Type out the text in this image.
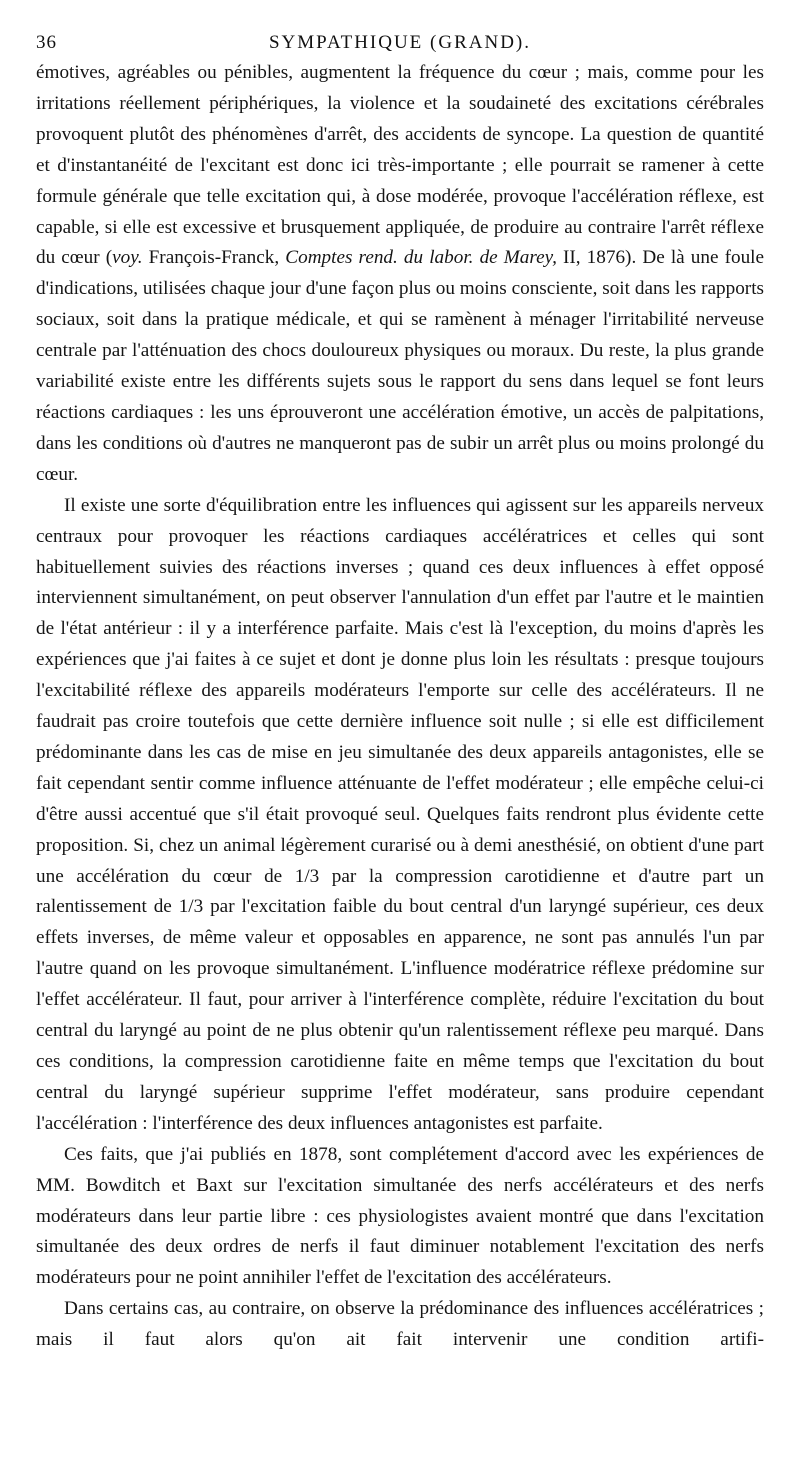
36	SYMPATHIQUE (GRAND).

émotives, agréables ou pénibles, augmentent la fréquence du cœur ; mais, comme pour les irritations réellement périphériques, la violence et la soudaineté des excitations cérébrales provoquent plutôt des phénomènes d'arrêt, des accidents de syncope. La question de quantité et d'instantanéité de l'excitant est donc ici très-importante ; elle pourrait se ramener à cette formule générale que telle excitation qui, à dose modérée, provoque l'accélération réflexe, est capable, si elle est excessive et brusquement appliquée, de produire au contraire l'arrêt réflexe du cœur (voy. François-Franck, Comptes rend. du labor. de Marey, II, 1876). De là une foule d'indications, utilisées chaque jour d'une façon plus ou moins consciente, soit dans les rapports sociaux, soit dans la pratique médicale, et qui se ramènent à ménager l'irritabilité nerveuse centrale par l'atténuation des chocs douloureux physiques ou moraux. Du reste, la plus grande variabilité existe entre les différents sujets sous le rapport du sens dans lequel se font leurs réactions cardiaques : les uns éprouveront une accélération émotive, un accès de palpitations, dans les conditions où d'autres ne manqueront pas de subir un arrêt plus ou moins prolongé du cœur.

Il existe une sorte d'équilibration entre les influences qui agissent sur les appareils nerveux centraux pour provoquer les réactions cardiaques accélératrices et celles qui sont habituellement suivies des réactions inverses ; quand ces deux influences à effet opposé interviennent simultanément, on peut observer l'annulation d'un effet par l'autre et le maintien de l'état antérieur : il y a interférence parfaite. Mais c'est là l'exception, du moins d'après les expériences que j'ai faites à ce sujet et dont je donne plus loin les résultats : presque toujours l'excitabilité réflexe des appareils modérateurs l'emporte sur celle des accélérateurs. Il ne faudrait pas croire toutefois que cette dernière influence soit nulle ; si elle est difficilement prédominante dans les cas de mise en jeu simultanée des deux appareils antagonistes, elle se fait cependant sentir comme influence atténuante de l'effet modérateur ; elle empêche celui-ci d'être aussi accentué que s'il était provoqué seul. Quelques faits rendront plus évidente cette proposition. Si, chez un animal légèrement curarisé ou à demi anesthésié, on obtient d'une part une accélération du cœur de 1/3 par la compression carotidienne et d'autre part un ralentissement de 1/3 par l'excitation faible du bout central d'un laryngé supérieur, ces deux effets inverses, de même valeur et opposables en apparence, ne sont pas annulés l'un par l'autre quand on les provoque simultanément. L'influence modératrice réflexe prédomine sur l'effet accélérateur. Il faut, pour arriver à l'interférence complète, réduire l'excitation du bout central du laryngé au point de ne plus obtenir qu'un ralentissement réflexe peu marqué. Dans ces conditions, la compression carotidienne faite en même temps que l'excitation du bout central du laryngé supérieur supprime l'effet modérateur, sans produire cependant l'accélération : l'interférence des deux influences antagonistes est parfaite.

Ces faits, que j'ai publiés en 1878, sont complétement d'accord avec les expériences de MM. Bowditch et Baxt sur l'excitation simultanée des nerfs accélérateurs et des nerfs modérateurs dans leur partie libre : ces physiologistes avaient montré que dans l'excitation simultanée des deux ordres de nerfs il faut diminuer notablement l'excitation des nerfs modérateurs pour ne point annihiler l'effet de l'excitation des accélérateurs.

Dans certains cas, au contraire, on observe la prédominance des influences accélératrices ; mais il faut alors qu'on ait fait intervenir une condition artifi-
